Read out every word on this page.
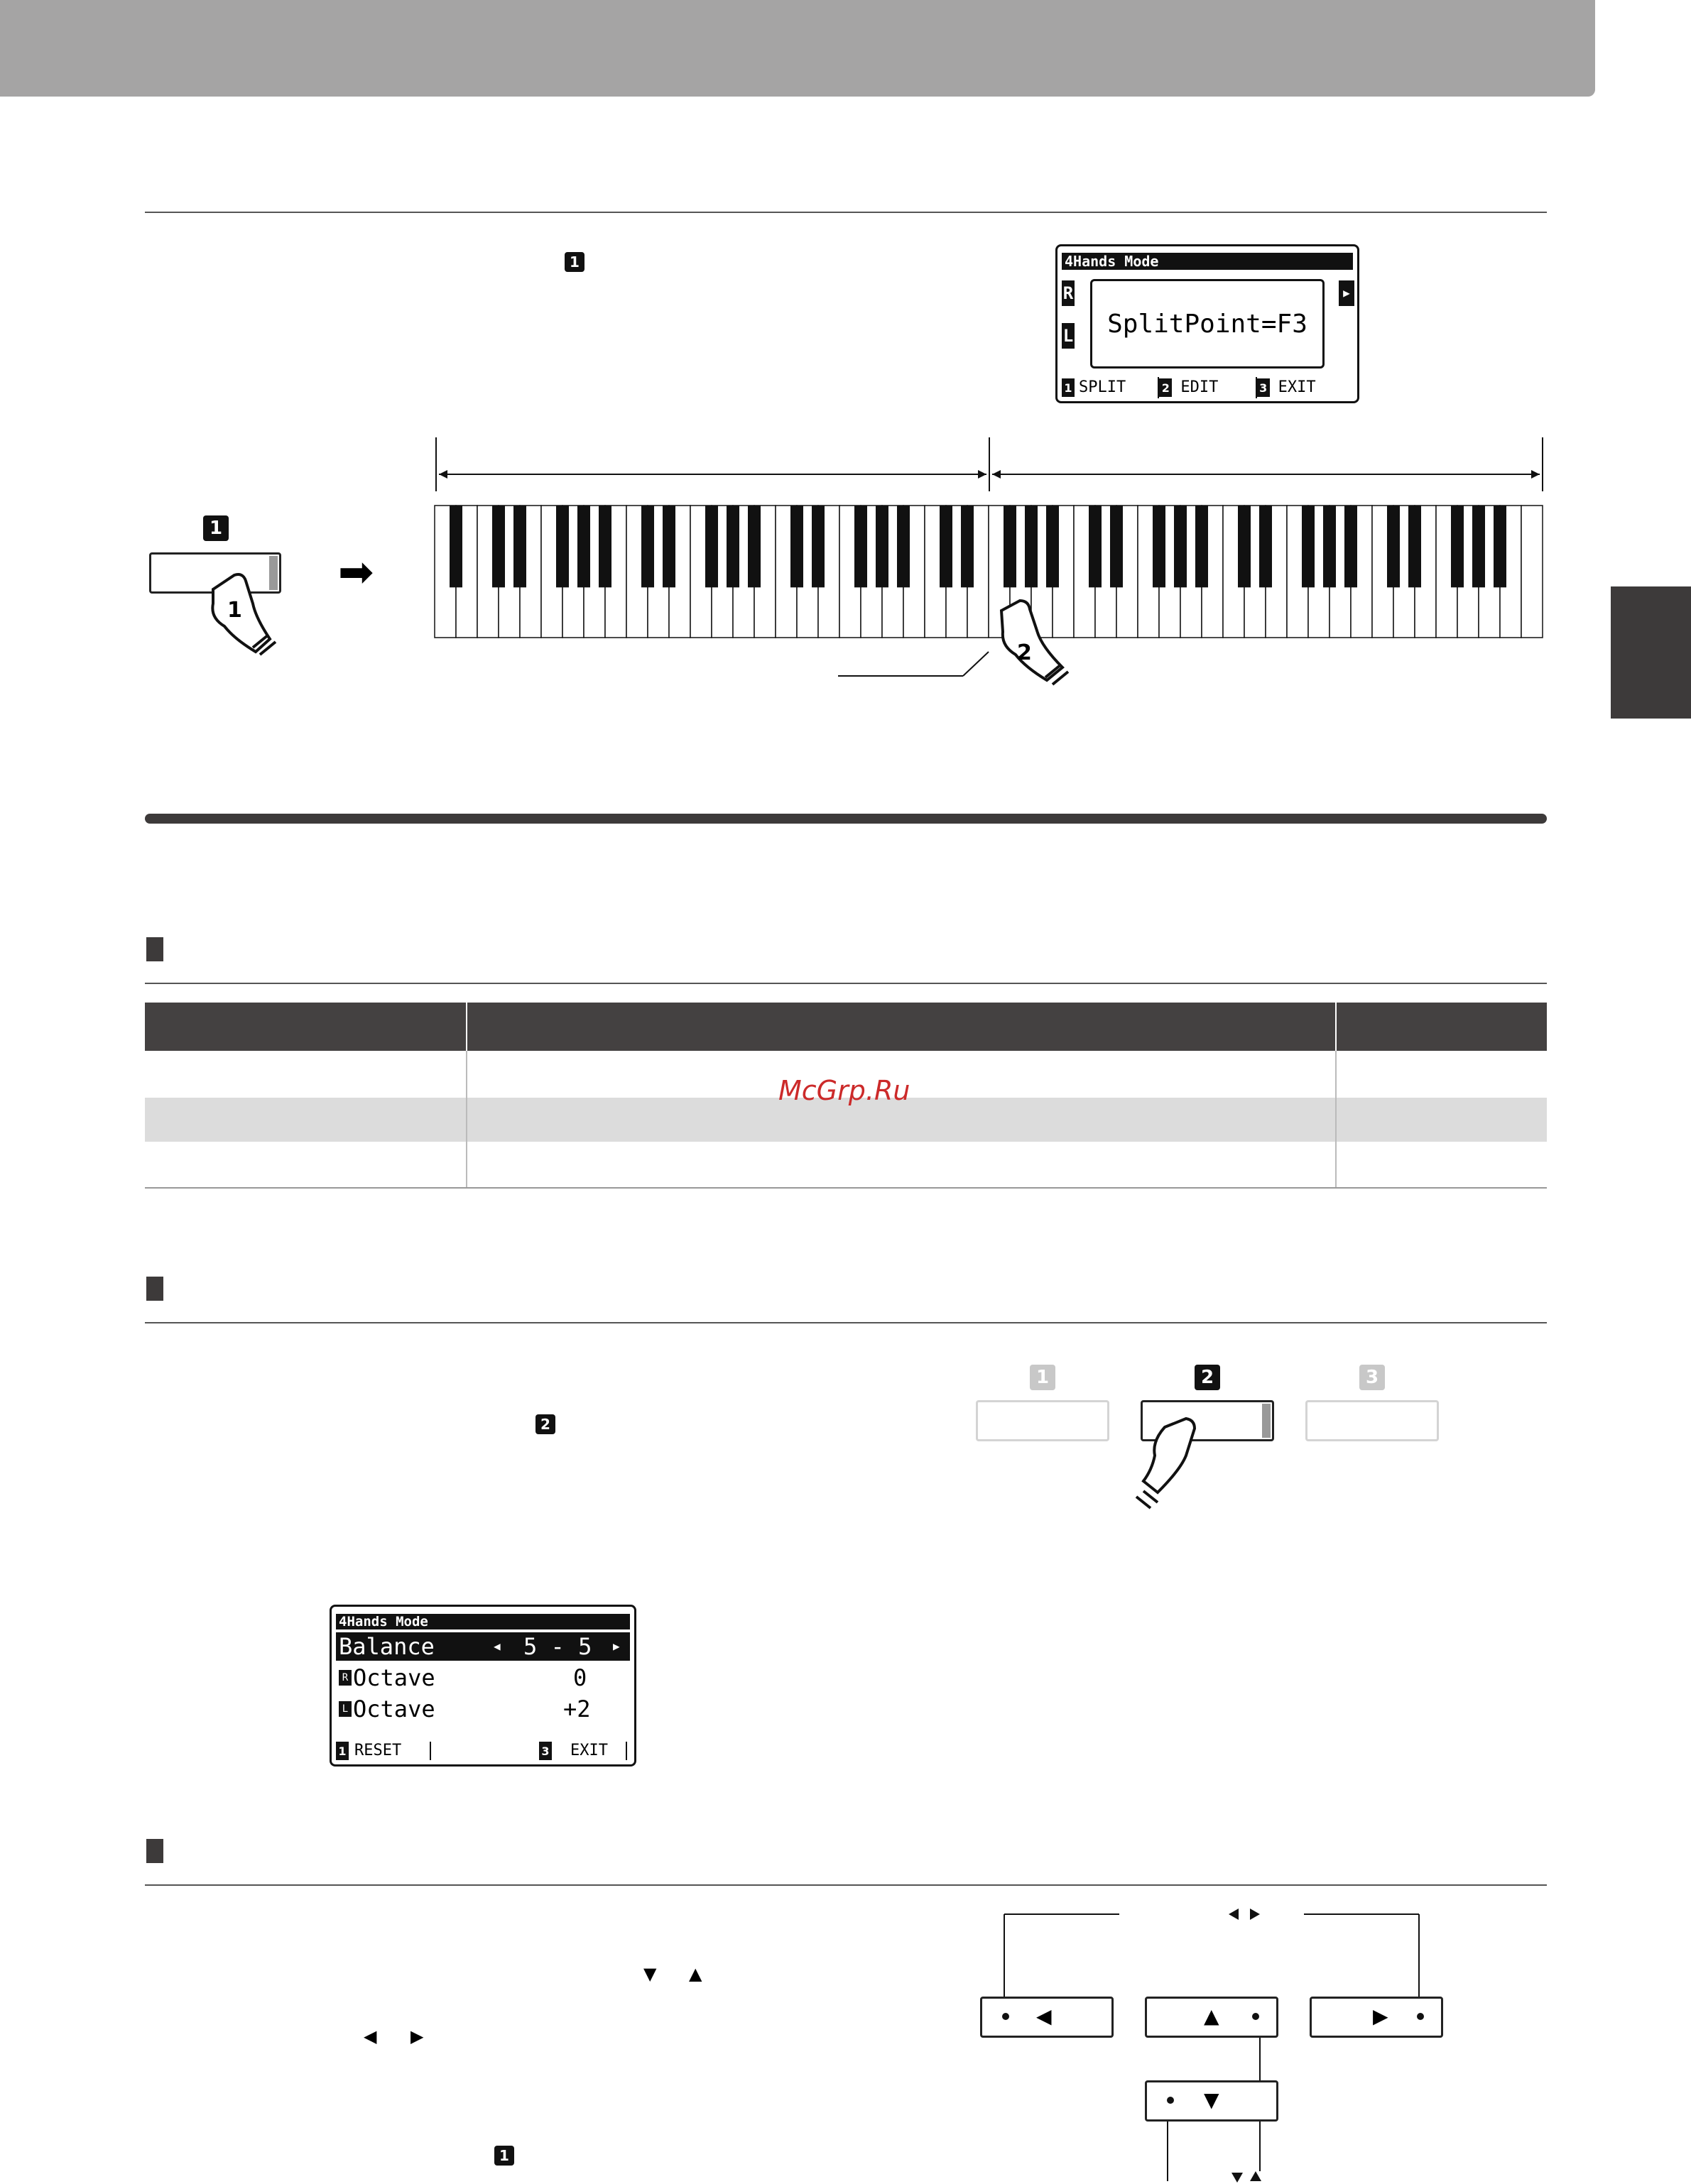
1	4Hands Mode
R
L
▶
SplitPoint=F3
1 SPLIT	2 EDIT	3 EXIT
1
1
➡
2
McGrp.Ru
2
1	2	3
4Hands Mode
Balance	◀ 5 - 5 ▶
R Octave	0
L Octave	+2
1 RESET	3 EXIT
▼ ▲
◀ ▶
1
◀	▲	▶
▼
